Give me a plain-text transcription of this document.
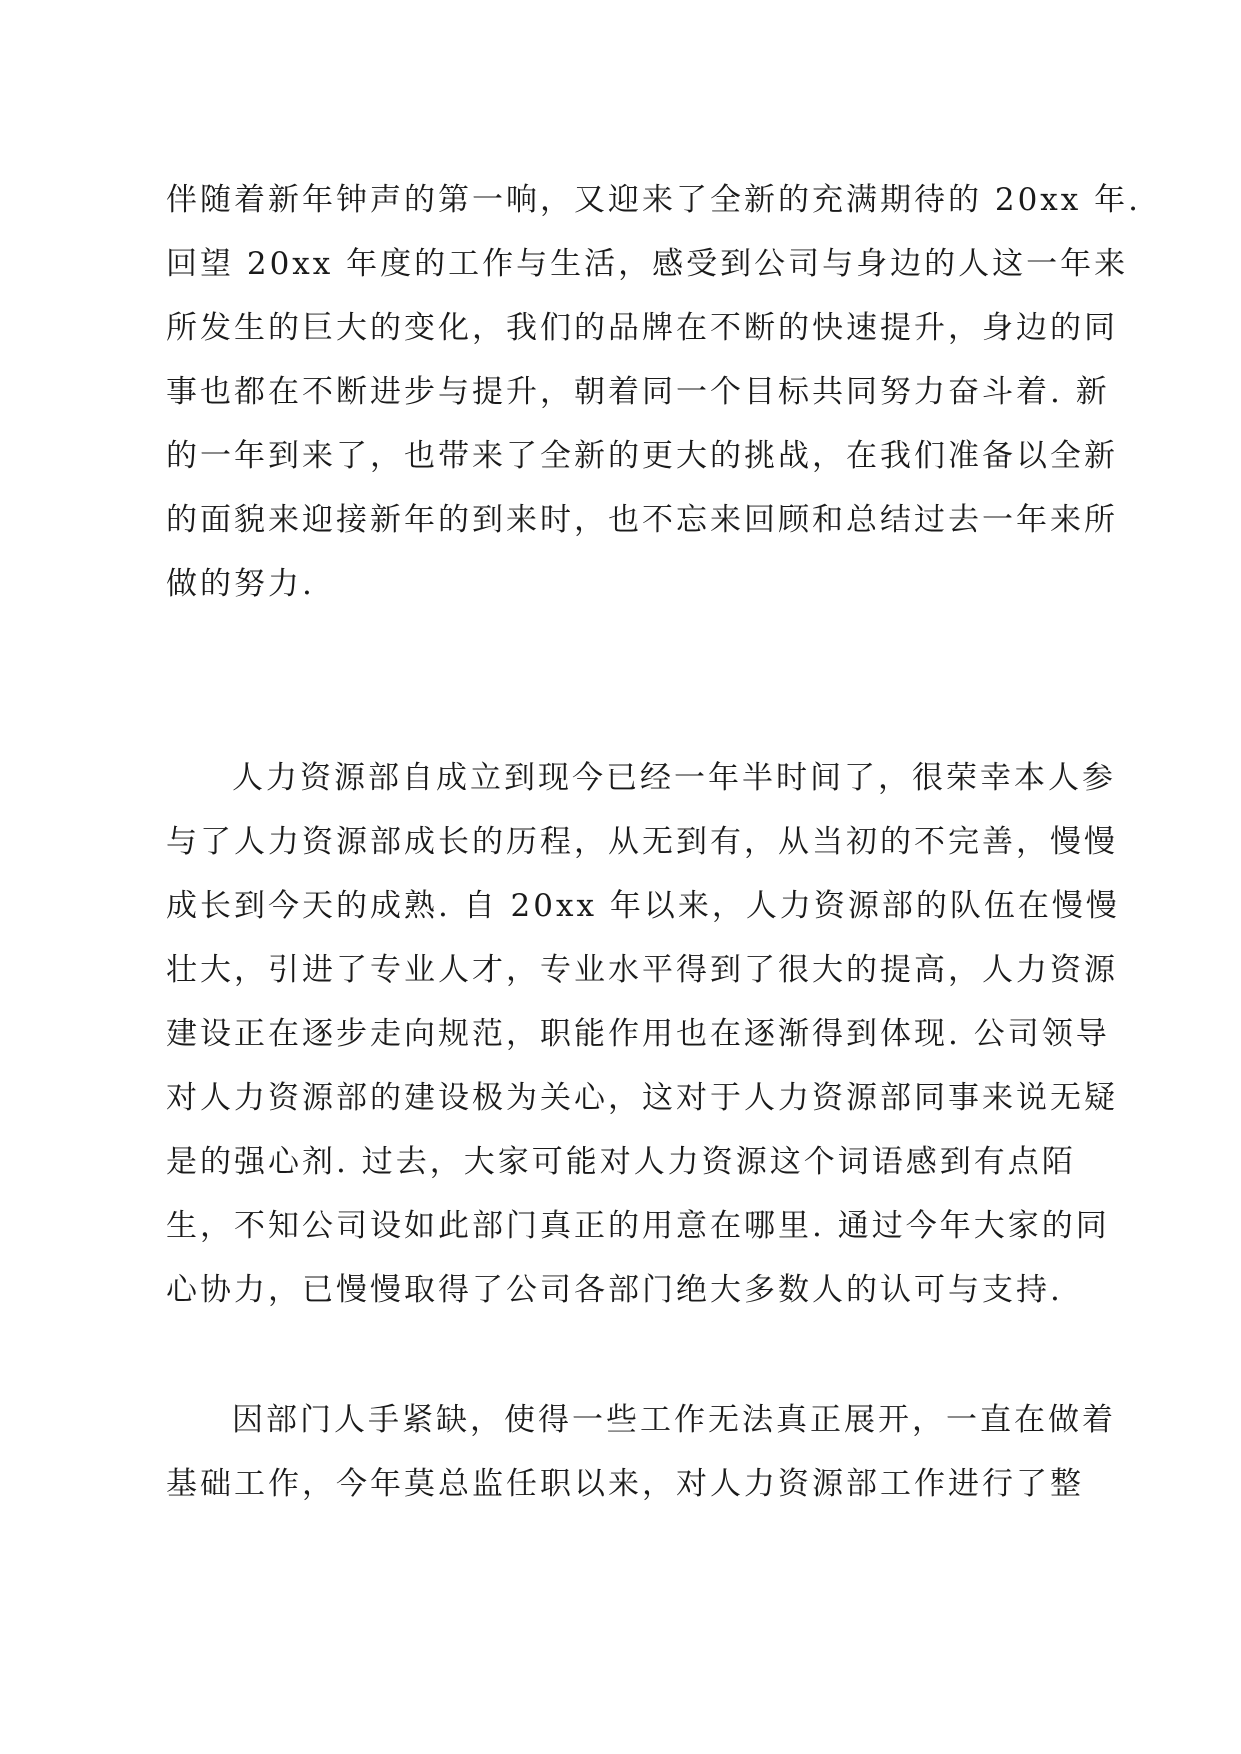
伴随着新年钟声的第一响，又迎来了全新的充满期待的 20xx 年.
回望 20xx 年度的工作与生活，感受到公司与身边的人这一年来
所发生的巨大的变化，我们的品牌在不断的快速提升，身边的同
事也都在不断进步与提升，朝着同一个目标共同努力奋斗着. 新
的一年到来了，也带来了全新的更大的挑战，在我们准备以全新
的面貌来迎接新年的到来时，也不忘来回顾和总结过去一年来所
做的努力.

人力资源部自成立到现今已经一年半时间了，很荣幸本人参
与了人力资源部成长的历程，从无到有，从当初的不完善，慢慢
成长到今天的成熟. 自 20xx 年以来，人力资源部的队伍在慢慢
壮大，引进了专业人才，专业水平得到了很大的提高，人力资源
建设正在逐步走向规范，职能作用也在逐渐得到体现. 公司领导
对人力资源部的建设极为关心，这对于人力资源部同事来说无疑
是的强心剂. 过去，大家可能对人力资源这个词语感到有点陌
生，不知公司设如此部门真正的用意在哪里. 通过今年大家的同
心协力，已慢慢取得了公司各部门绝大多数人的认可与支持.

因部门人手紧缺，使得一些工作无法真正展开，一直在做着
基础工作，今年莫总监任职以来，对人力资源部工作进行了整
